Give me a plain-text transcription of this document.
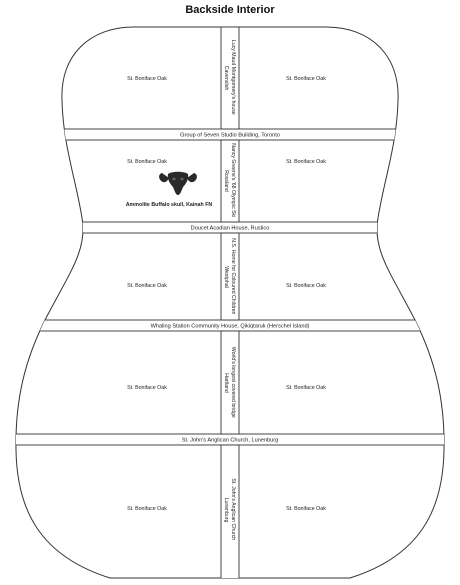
Backside Interior
Group of Seven Studio Building, Toronto
Doucet Acadian House, Rustico
Whaling Station Community House, Qikiqtaruk (Herschel Island)
St. John's Anglican Church, Lunenburg
St. Boniface Oak	St. Boniface Oak
St. Boniface Oak	St. Boniface Oak
St. Boniface Oak	St. Boniface Oak
St. Boniface Oak	St. Boniface Oak
St. Boniface Oak	St. Boniface Oak
Ammolite Buffalo skull, Kainah FN
Lucy Maud Montgomery's house Cavendish
Nancy Greene's '68 Olympic Ski Rossland
N.S. Home for Coloured Children Westphal
World's longest covered bridge Hartland
St. John's Anglican Church Lunenburg
